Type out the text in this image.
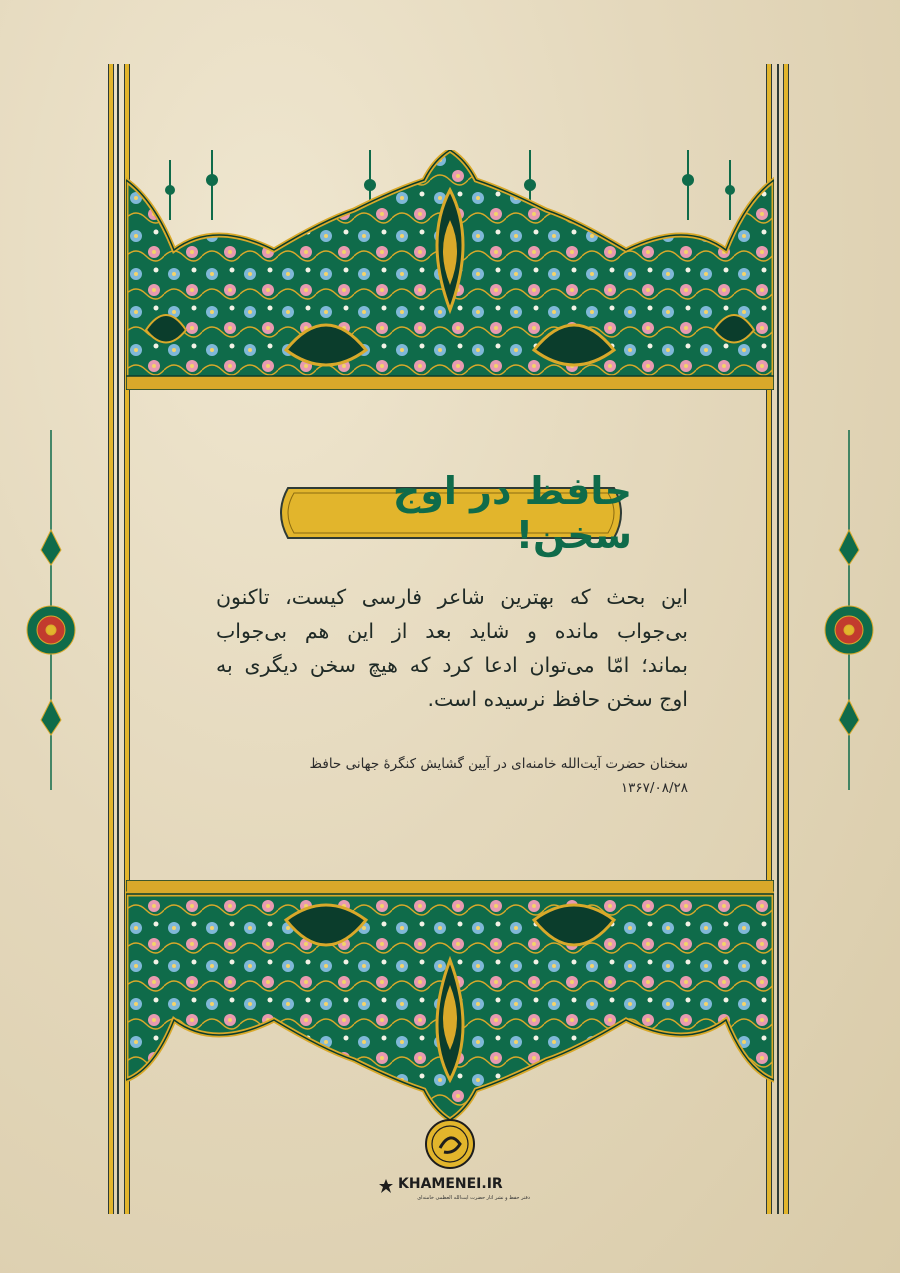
حافظ در اوج سخن!
این بحث که بهترین شاعر فارسی کیست، تاکنون
بی‌جواب مانده و شاید بعد از این هم بی‌جواب
بماند؛ امّا می‌توان ادعا کرد که هیچ سخن دیگری به
اوج سخن حافظ نرسیده است.
سخنان حضرت آیت‌الله خامنه‌ای در آیین گشایش کنگرهٔ جهانی حافظ
۱۳۶۷/۰۸/۲۸
KHAMENEI.IR
دفتر حفظ و نشر آثار حضرت آیت‌الله العظمی خامنه‌ای
